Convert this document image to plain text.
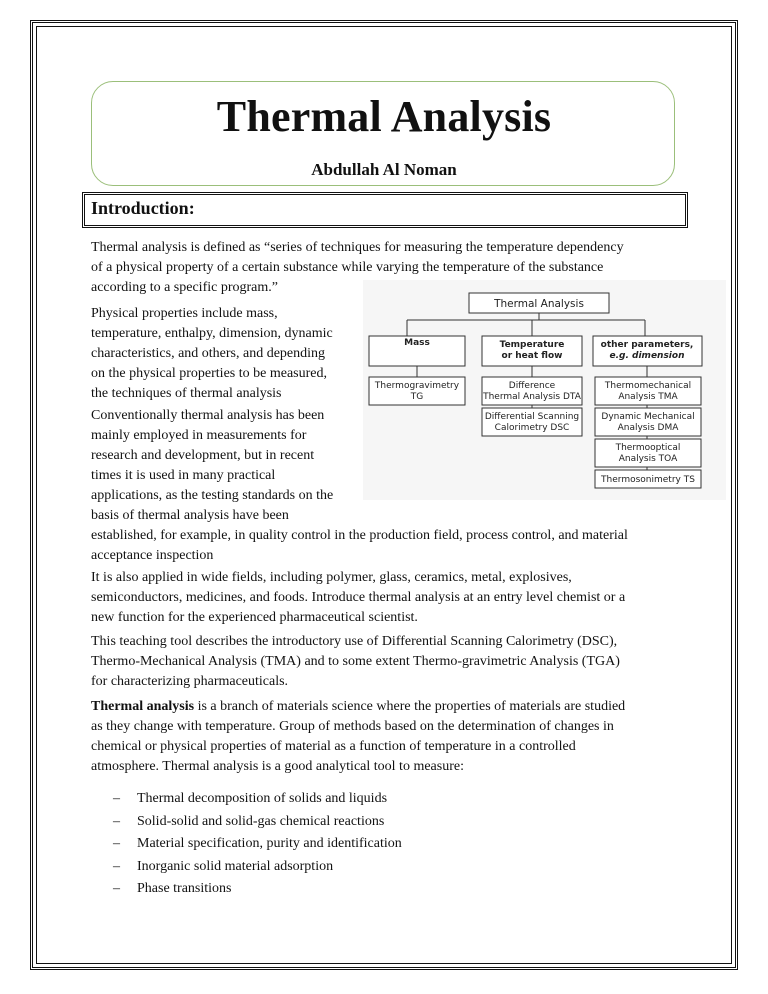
Thermal Analysis
Abdullah Al Noman
Introduction:

Thermal analysis is defined as “series of techniques for measuring the temperature dependency
of a physical property of a certain substance while varying the temperature of the substance
according to a specific program.”

Physical properties include mass,
temperature, enthalpy, dimension, dynamic
characteristics, and others, and depending
on the physical properties to be measured,
the techniques of thermal analysis

Conventionally thermal analysis has been
mainly employed in measurements for
research and development, but in recent
times it is used in many practical
applications, as the testing standards on the
basis of thermal analysis have been
established, for example, in quality control in the production field, process control, and material
acceptance inspection

It is also applied in wide fields, including polymer, glass, ceramics, metal, explosives,
semiconductors, medicines, and foods. Introduce thermal analysis at an entry level chemist or a
new function for the experienced pharmaceutical scientist.

This teaching tool describes the introductory use of Differential Scanning Calorimetry (DSC),
Thermo-Mechanical Analysis (TMA) and to some extent Thermo-gravimetric Analysis (TGA)
for characterizing pharmaceuticals.

Thermal analysis is a branch of materials science where the properties of materials are studied
as they change with temperature. Group of methods based on the determination of changes in
chemical or physical properties of material as a function of temperature in a controlled
atmosphere. Thermal analysis is a good analytical tool to measure:

– Thermal decomposition of solids and liquids
– Solid-solid and solid-gas chemical reactions
– Material specification, purity and identification
– Inorganic solid material adsorption
– Phase transitions
Thermal Analysis
Mass	Temperature
or heat flow
other parameters,
e.g. dimension
Thermogravimetry
TG
Difference
Thermal Analysis DTA
Differential Scanning
Calorimetry DSC
Thermomechanical
Analysis TMA
Dynamic Mechanical
Analysis DMA
Thermooptical
Analysis TOA
Thermosonimetry TS
